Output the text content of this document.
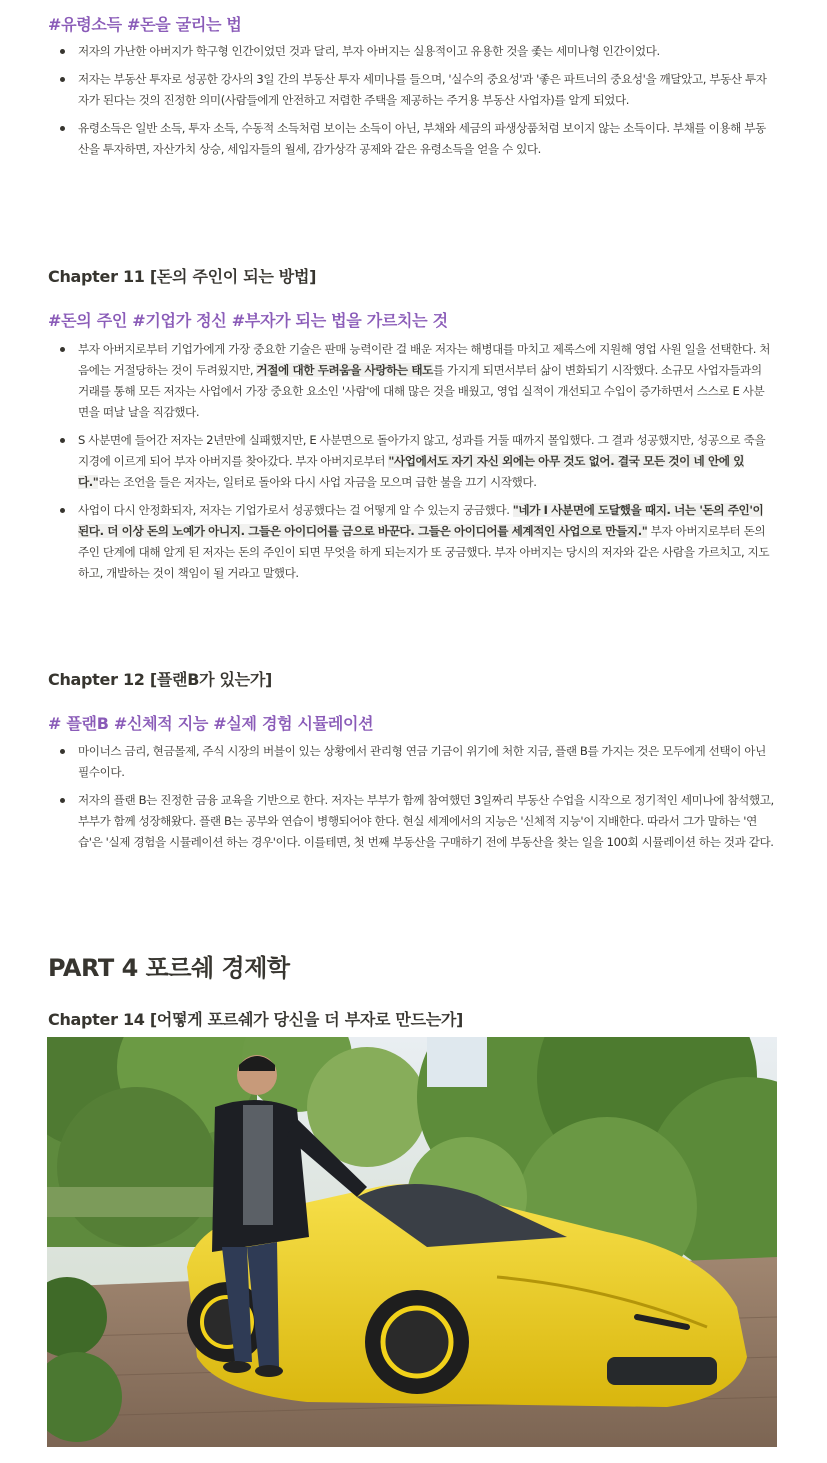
#유령소득 #돈을 굴리는 법
저자의 가난한 아버지가 학구형 인간이었던 것과 달리, 부자 아버지는 실용적이고 유용한 것을 좇는 세미나형 인간이었다.
저자는 부동산 투자로 성공한 강사의 3일 간의 부동산 투자 세미나를 들으며, '실수의 중요성'과 '좋은 파트너의 중요성'을 깨달았고, 부동산 투자자가 된다는 것의 진정한 의미(사람들에게 안전하고 저렴한 주택을 제공하는 주거용 부동산 사업자)를 알게 되었다.
유령소득은 일반 소득, 투자 소득, 수동적 소득처럼 보이는 소득이 아닌, 부채와 세금의 파생상품처럼 보이지 않는 소득이다. 부채를 이용해 부동산을 투자하면, 자산가치 상승, 세입자들의 월세, 감가상각 공제와 같은 유령소득을 얻을 수 있다.
Chapter 11 [돈의 주인이 되는 방법]
#돈의 주인 #기업가 정신 #부자가 되는 법을 가르치는 것
부자 아버지로부터 기업가에게 가장 중요한 기술은 판매 능력이란 걸 배운 저자는 해병대를 마치고 제록스에 지원해 영업 사원 일을 선택한다. 처음에는 거절당하는 것이 두려웠지만, 거절에 대한 두려움을 사랑하는 태도를 가지게 되면서부터 삶이 변화되기 시작했다. 소규모 사업자들과의 거래를 통해 모든 저자는 사업에서 가장 중요한 요소인 '사람'에 대해 많은 것을 배웠고, 영업 실적이 개선되고 수입이 증가하면서 스스로 E 사분면을 떠날 날을 직감했다.
S 사분면에 들어간 저자는 2년만에 실패했지만, E 사분면으로 돌아가지 않고, 성과를 거둘 때까지 몰입했다. 그 결과 성공했지만, 성공으로 죽을 지경에 이르게 되어 부자 아버지를 찾아갔다. 부자 아버지로부터 "사업에서도 자기 자신 외에는 아무 것도 없어. 결국 모든 것이 네 안에 있다."라는 조언을 들은 저자는, 일터로 돌아와 다시 사업 자금을 모으며 급한 불을 끄기 시작했다.
사업이 다시 안정화되자, 저자는 기업가로서 성공했다는 걸 어떻게 알 수 있는지 궁금했다. "네가 I 사분면에 도달했을 때지. 너는 '돈의 주인'이 된다. 더 이상 돈의 노예가 아니지. 그들은 아이디어를 금으로 바꾼다. 그들은 아이디어를 세계적인 사업으로 만들지." 부자 아버지로부터 돈의 주인 단계에 대해 알게 된 저자는 돈의 주인이 되면 무엇을 하게 되는지가 또 궁금했다. 부자 아버지는 당시의 저자와 같은 사람을 가르치고, 지도하고, 개발하는 것이 책임이 될 거라고 말했다.
Chapter 12 [플랜B가 있는가]
# 플랜B #신체적 지능 #실제 경험 시뮬레이션
마이너스 금리, 현금몰제, 주식 시장의 버블이 있는 상황에서 관리형 연금 기금이 위기에 처한 지금, 플랜 B를 가지는 것은 모두에게 선택이 아닌 필수이다.
저자의 플랜 B는 진정한 금융 교육을 기반으로 한다. 저자는 부부가 함께 참여했던 3일짜리 부동산 수업을 시작으로 정기적인 세미나에 참석했고, 부부가 함께 성장해왔다. 플랜 B는 공부와 연습이 병행되어야 한다. 현실 세계에서의 지능은 '신체적 지능'이 지배한다. 따라서 그가 말하는 '연습'은 '실제 경험을 시뮬레이션 하는 경우'이다. 이를테면, 첫 번째 부동산을 구매하기 전에 부동산을 찾는 일을 100회 시뮬레이션 하는 것과 같다.
PART 4 포르쉐 경제학
Chapter 14 [어떻게 포르쉐가 당신을 더 부자로 만드는가]
